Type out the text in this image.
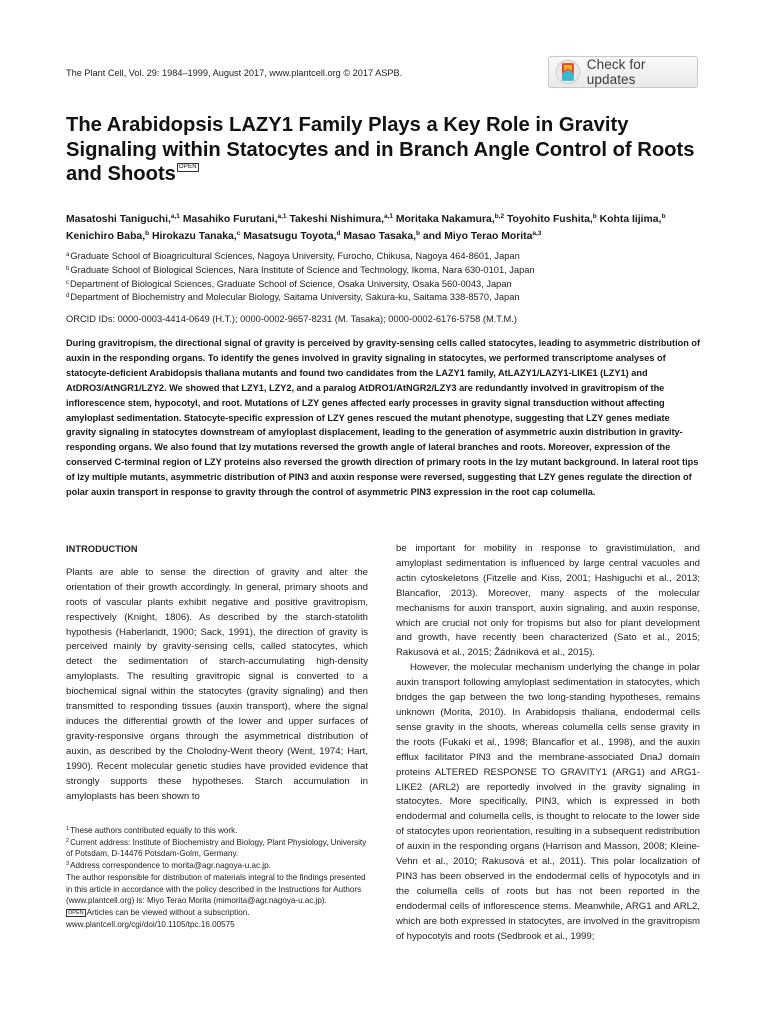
The Plant Cell, Vol. 29: 1984–1999, August 2017, www.plantcell.org © 2017 ASPB.
Check for updates
The Arabidopsis LAZY1 Family Plays a Key Role in Gravity Signaling within Statocytes and in Branch Angle Control of Roots and Shoots OPEN
Masatoshi Taniguchi,$^{a,1}$ Masahiko Furutani,$^{a,1}$ Takeshi Nishimura,$^{a,1}$ Moritaka Nakamura,$^{b,2}$ Toyohito Fushita,$^b$ Kohta Iijima,$^b$ Kenichiro Baba,$^b$ Hirokazu Tanaka,$^c$ Masatsugu Toyota,$^d$ Masao Tasaka,$^b$ and Miyo Terao Morita$^{a,3}$
$^a$Graduate School of Bioagricultural Sciences, Nagoya University, Furocho, Chikusa, Nagoya 464-8601, Japan
$^b$Graduate School of Biological Sciences, Nara Institute of Science and Technology, Ikoma, Nara 630-0101, Japan
$^c$Department of Biological Sciences, Graduate School of Science, Osaka University, Osaka 560-0043, Japan
$^d$Department of Biochemistry and Molecular Biology, Saitama University, Sakura-ku, Saitama 338-8570, Japan
ORCID IDs: 0000-0003-4414-0649 (H.T.); 0000-0002-9657-8231 (M. Tasaka); 0000-0002-6176-5758 (M.T.M.)

During gravitropism, the directional signal of gravity is perceived by gravity-sensing cells called statocytes, leading to asymmetric distribution of auxin in the responding organs. To identify the genes involved in gravity signaling in statocytes, we performed transcriptome analyses of statocyte-deficient Arabidopsis thaliana mutants and found two candidates from the LAZY1 family, AtLAZY1/LAZY1-LIKE1 (LZY1) and AtDRO3/AtNGR1/LZY2. We showed that LZY1, LZY2, and a paralog AtDRO1/AtNGR2/LZY3 are redundantly involved in gravitropism of the inflorescence stem, hypocotyl, and root. Mutations of LZY genes affected early processes in gravity signal transduction without affecting amyloplast sedimentation. Statocyte-specific expression of LZY genes rescued the mutant phenotype, suggesting that LZY genes mediate gravity signaling in statocytes downstream of amyloplast displacement, leading to the generation of asymmetric auxin distribution in gravity-responding organs. We also found that lzy mutations reversed the growth angle of lateral branches and roots. Moreover, expression of the conserved C-terminal region of LZY proteins also reversed the growth direction of primary roots in the lzy mutant background. In lateral root tips of lzy multiple mutants, asymmetric distribution of PIN3 and auxin response were reversed, suggesting that LZY genes regulate the direction of polar auxin transport in response to gravity through the control of asymmetric PIN3 expression in the root cap columella.

INTRODUCTION

Plants are able to sense the direction of gravity and alter the orientation of their growth accordingly. In general, primary shoots and roots of vascular plants exhibit negative and positive gravitropism, respectively (Knight, 1806). As described by the starch-statolith hypothesis (Haberlandt, 1900; Sack, 1991), the direction of gravity is perceived mainly by gravity-sensing cells, called statocytes, which detect the sedimentation of starch-accumulating high-density amyloplasts. The resulting gravitropic signal is converted to a biochemical signal within the statocytes (gravity signaling) and then transmitted to responding tissues (auxin transport), where the signal induces the differential growth of the lower and upper surfaces of gravity-responsive organs through the asymmetrical distribution of auxin, as described by the Cholodny-Went theory (Went, 1974; Hart, 1990). Recent molecular genetic studies have provided evidence that strongly supports these hypotheses. Starch accumulation in amyloplasts has been shown to

be important for mobility in response to gravistimulation, and amyloplast sedimentation is influenced by large central vacuoles and actin cytoskeletons (Fitzelle and Kiss, 2001; Hashiguchi et al., 2013; Blancaflor, 2013). Moreover, many aspects of the molecular mechanisms for auxin transport, auxin signaling, and auxin response, which are crucial not only for tropisms but also for plant development and growth, have recently been characterized (Sato et al., 2015; Rakusová et al., 2015; Žádníková et al., 2015).

However, the molecular mechanism underlying the change in polar auxin transport following amyloplast sedimentation in statocytes, which bridges the gap between the two long-standing hypotheses, remains unknown (Morita, 2010). In Arabidopsis thaliana, endodermal cells sense gravity in the shoots, whereas columella cells sense gravity in the roots (Fukaki et al., 1998; Blancaflor et al., 1998), and the auxin efflux facilitator PIN3 and the membrane-associated DnaJ domain proteins ALTERED RESPONSE TO GRAVITY1 (ARG1) and ARG1-LIKE2 (ARL2) are reportedly involved in the gravity signaling in statocytes. More specifically, PIN3, which is expressed in both endodermal and columella cells, is thought to relocate to the lower side of statocytes upon reorientation, resulting in a subsequent redistribution of auxin in the responding organs (Harrison and Masson, 2008; Kleine-Vehn et al., 2010; Rakusová et al., 2011). This polar localization of PIN3 has been observed in the endodermal cells of hypocotyls and in the columella cells of roots but has not been reported in the endodermal cells of inflorescence stems. Meanwhile, ARG1 and ARL2, which are both expressed in statocytes, are involved in the gravitropism of hypocotyls and roots (Sedbrook et al., 1999;

$^1$These authors contributed equally to this work.

$^2$Current address: Institute of Biochemistry and Biology, Plant Physiology, University of Potsdam, D-14476 Potsdam-Golm, Germany.

$^3$Address correspondence to morita@agr.nagoya-u.ac.jp.

The author responsible for distribution of materials integral to the findings presented in this article in accordance with the policy described in the Instructions for Authors (www.plantcell.org) is: Miyo Terao Morita (mimorita@agr.nagoya-u.ac.jp).

OPEN Articles can be viewed without a subscription.

www.plantcell.org/cgi/doi/10.1105/tpc.16.00575
